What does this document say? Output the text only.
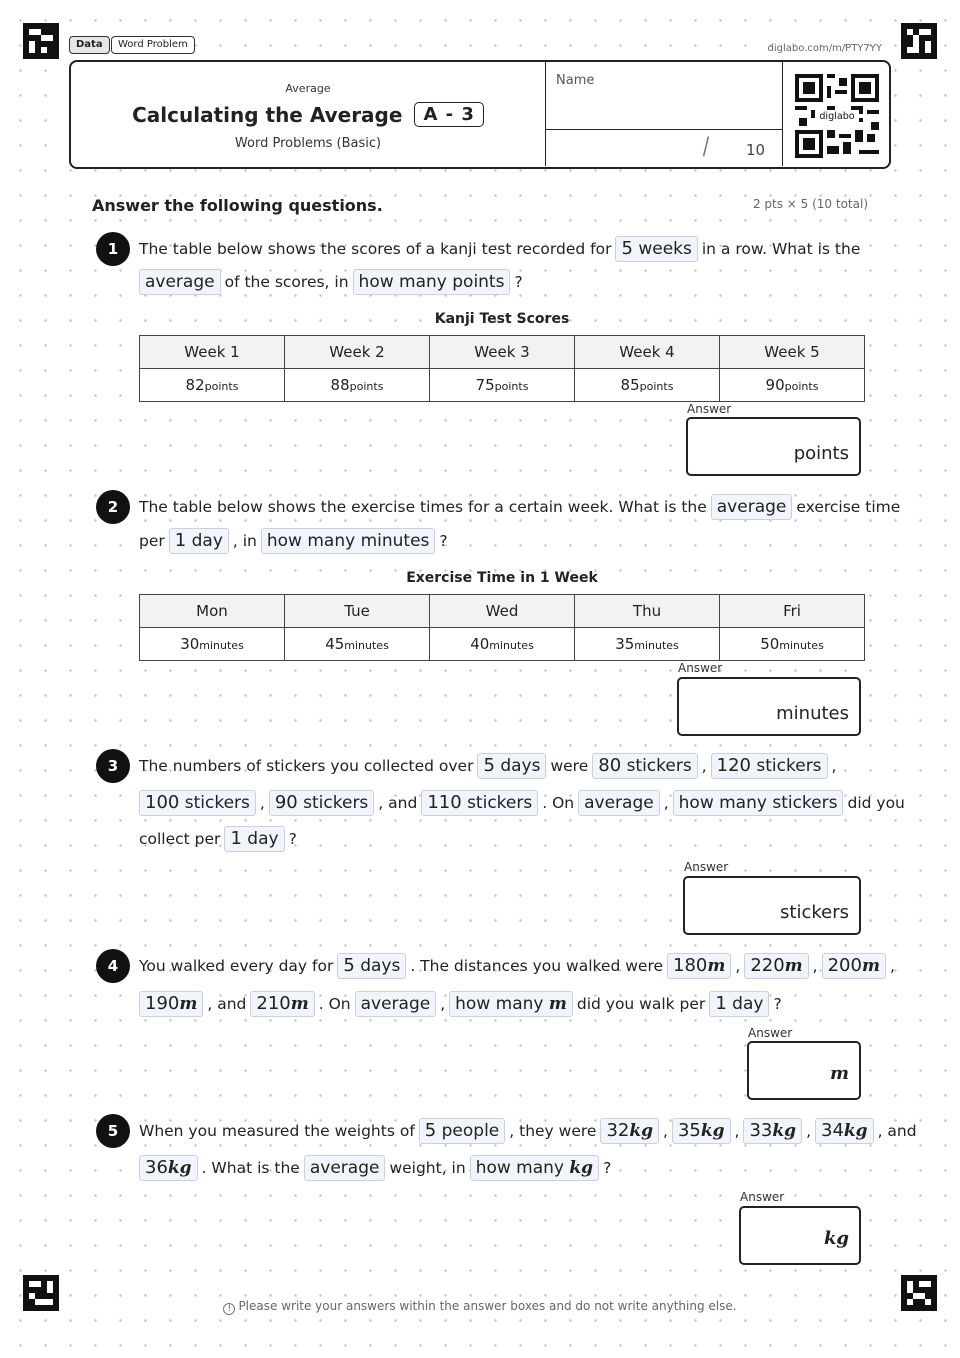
Data	Word Problem	diglabo.com/m/PTY7YY
Average
Calculating the Average	A - 3
Word Problems (Basic)
Name
/ 10
diglabo
Answer the following questions.	2 pts × 5 (10 total)
1	The table below shows the scores of a kanji test recorded for 5 weeks in a row. What is the
average of the scores, in how many points ?
Kanji Test Scores
Week 1	Week 2	Week 3	Week 4	Week 5
82points	88points	75points	85points	90points
Answer
points
2	The table below shows the exercise times for a certain week. What is the average exercise time
per 1 day , in how many minutes ?
Exercise Time in 1 Week
Mon	Tue	Wed	Thu	Fri
30minutes	45minutes	40minutes	35minutes	50minutes
Answer
minutes
3	The numbers of stickers you collected over 5 days were 80 stickers , 120 stickers ,
100 stickers , 90 stickers , and 110 stickers . On average , how many stickers did you
collect per 1 day ?
Answer
stickers
4	You walked every day for 5 days . The distances you walked were 180m , 220m , 200m ,
190m , and 210m . On average , how many m did you walk per 1 day ?
Answer
m
5	When you measured the weights of 5 people , they were 32kg , 35kg , 33kg , 34kg , and
36kg . What is the average weight, in how many kg ?
Answer
kg
! Please write your answers within the answer boxes and do not write anything else.
